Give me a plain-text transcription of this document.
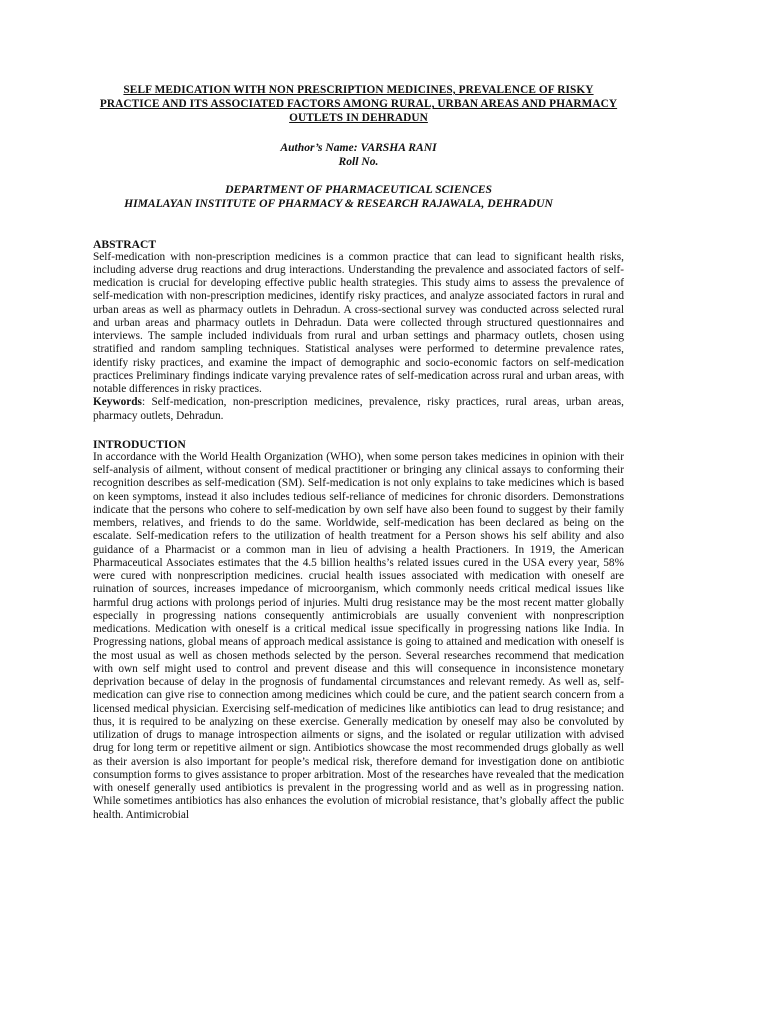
SELF MEDICATION WITH NON PRESCRIPTION MEDICINES, PREVALENCE OF RISKY PRACTICE AND ITS ASSOCIATED FACTORS AMONG RURAL, URBAN AREAS AND PHARMACY OUTLETS IN DEHRADUN

Author’s Name: VARSHA RANI

Roll No.

DEPARTMENT OF PHARMACEUTICAL SCIENCES
HIMALAYAN INSTITUTE OF PHARMACY & RESEARCH RAJAWALA, DEHRADUN
ABSTRACT

Self-medication with non-prescription medicines is a common practice that can lead to significant health risks, including adverse drug reactions and drug interactions. Understanding the prevalence and associated factors of self-medication is crucial for developing effective public health strategies. This study aims to assess the prevalence of self-medication with non-prescription medicines, identify risky practices, and analyze associated factors in rural and urban areas as well as pharmacy outlets in Dehradun. A cross-sectional survey was conducted across selected rural and urban areas and pharmacy outlets in Dehradun. Data were collected through structured questionnaires and interviews. The sample included individuals from rural and urban settings and pharmacy outlets, chosen using stratified and random sampling techniques. Statistical analyses were performed to determine prevalence rates, identify risky practices, and examine the impact of demographic and socio-economic factors on self-medication practices Preliminary findings indicate varying prevalence rates of self-medication across rural and urban areas, with notable differences in risky practices.

Keywords: Self-medication, non-prescription medicines, prevalence, risky practices, rural areas, urban areas, pharmacy outlets, Dehradun.

INTRODUCTION

In accordance with the World Health Organization (WHO), when some person takes medicines in opinion with their self-analysis of ailment, without consent of medical practitioner or bringing any clinical assays to conforming their recognition describes as self-medication (SM). Self-medication is not only explains to take medicines which is based on keen symptoms, instead it also includes tedious self-reliance of medicines for chronic disorders. Demonstrations indicate that the persons who cohere to self-medication by own self have also been found to suggest by their family members, relatives, and friends to do the same. Worldwide, self-medication has been declared as being on the escalate. Self-medication refers to the utilization of health treatment for a Person shows his self ability and also guidance of a Pharmacist or a common man in lieu of advising a health Practioners. In 1919, the American Pharmaceutical Associates estimates that the 4.5 billion healths’s related issues cured in the USA every year, 58% were cured with nonprescription medicines. crucial health issues associated with medication with oneself are ruination of sources, increases impedance of microorganism, which commonly needs critical medical issues like harmful drug actions with prolongs period of injuries. Multi drug resistance may be the most recent matter globally especially in progressing nations consequently antimicrobials are usually convenient with nonprescription medications. Medication with oneself is a critical medical issue specifically in progressing nations like India. In Progressing nations, global means of approach medical assistance is going to attained and medication with oneself is the most usual as well as chosen methods selected by the person. Several researches recommend that medication with own self might used to control and prevent disease and this will consequence in inconsistence monetary deprivation because of delay in the prognosis of fundamental circumstances and relevant remedy. As well as, self-medication can give rise to connection among medicines which could be cure, and the patient search concern from a licensed medical physician. Exercising self-medication of medicines like antibiotics can lead to drug resistance; and thus, it is required to be analyzing on these exercise. Generally medication by oneself may also be convoluted by utilization of drugs to manage introspection ailments or signs, and the isolated or regular utilization with advised drug for long term or repetitive ailment or sign. Antibiotics showcase the most recommended drugs globally as well as their aversion is also important for people’s medical risk, therefore demand for investigation done on antibiotic consumption forms to gives assistance to proper arbitration. Most of the researches have revealed that the medication with oneself generally used antibiotics is prevalent in the progressing world and as well as in progressing nation. While sometimes antibiotics has also enhances the evolution of microbial resistance, that’s globally affect the public health. Antimicrobial
